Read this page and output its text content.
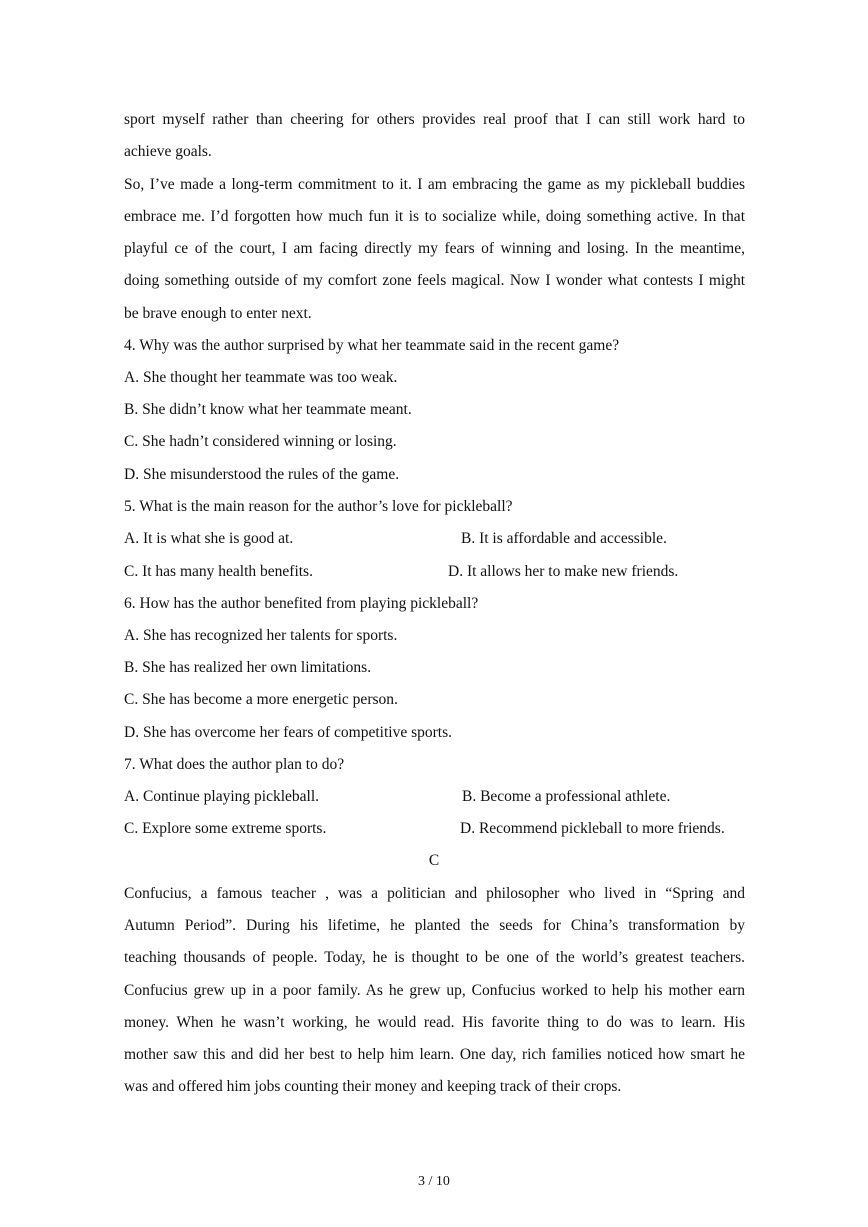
sport myself rather than cheering for others provides real proof that I can still work hard to
achieve goals.
So, I’ve made a long-term commitment to it. I am embracing the game as my pickleball buddies
embrace me. I’d forgotten how much fun it is to socialize while, doing something active. In that
playful ce of the court, I am facing directly my fears of winning and losing. In the meantime,
doing something outside of my comfort zone feels magical. Now I wonder what contests I might
be brave enough to enter next.
4. Why was the author surprised by what her teammate said in the recent game?
A. She thought her teammate was too weak.
B. She didn’t know what her teammate meant.
C. She hadn’t considered winning or losing.
D. She misunderstood the rules of the game.
5. What is the main reason for the author’s love for pickleball?
A. It is what she is good at.	B. It is affordable and accessible.
C. It has many health benefits.	D. It allows her to make new friends.
6. How has the author benefited from playing pickleball?
A. She has recognized her talents for sports.
B. She has realized her own limitations.
C. She has become a more energetic person.
D. She has overcome her fears of competitive sports.
7. What does the author plan to do?
A. Continue playing pickleball.	B. Become a professional athlete.
C. Explore some extreme sports.	D. Recommend pickleball to more friends.
C
Confucius, a famous teacher , was a politician and philosopher who lived in “Spring and
Autumn Period”. During his lifetime, he planted the seeds for China’s transformation by
teaching thousands of people. Today, he is thought to be one of the world’s greatest teachers.
Confucius grew up in a poor family. As he grew up, Confucius worked to help his mother earn
money. When he wasn’t working, he would read. His favorite thing to do was to learn. His
mother saw this and did her best to help him learn. One day, rich families noticed how smart he
was and offered him jobs counting their money and keeping track of their crops.
3 / 10
